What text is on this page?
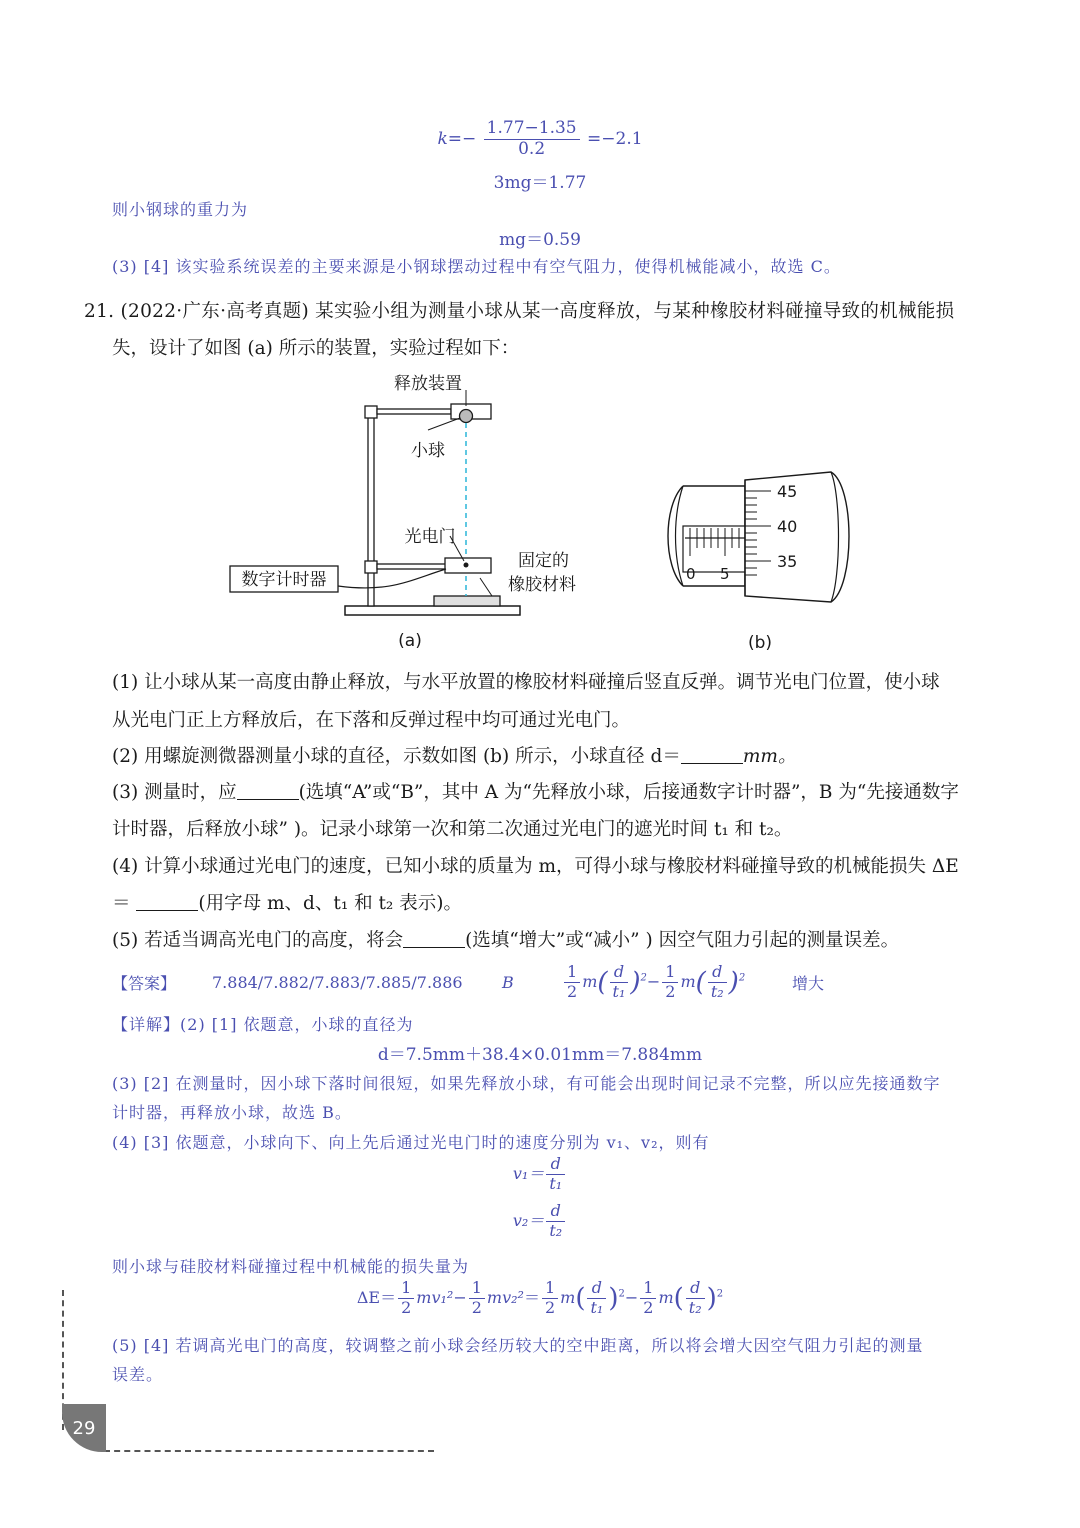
$k=- \frac{1.77-1.35}{0.2} =-2.1$
3mg＝1.77
则小钢球的重力为
mg＝0.59
(3) [4] 该实验系统误差的主要来源是小钢球摆动过程中有空气阻力，使得机械能减小，故选 C。
21. (2022·广东·高考真题) 某实验小组为测量小球从某一高度释放，与某种橡胶材料碰撞导致的机械能损
失，设计了如图 (a) 所示的装置，实验过程如下：
释放装置
小球
光电门
数字计时器
(a)
固定的
橡胶材料
45
40
35
0 5
(b)
(1) 让小球从某一高度由静止释放，与水平放置的橡胶材料碰撞后竖直反弹。调节光电门位置，使小球
从光电门正上方释放后，在下落和反弹过程中均可通过光电门。
(2) 用螺旋测微器测量小球的直径，示数如图 (b) 所示，小球直径 d＝	mm。
(3) 测量时，应	(选填“A”或“B”，其中 A 为“先释放小球，后接通数字计时器”，B 为“先接通数字
计时器，后释放小球” )。记录小球第一次和第二次通过光电门的遮光时间 t₁ 和 t₂。
(4) 计算小球通过光电门的速度，已知小球的质量为 m，可得小球与橡胶材料碰撞导致的机械能损失 ΔE
＝	(用字母 m、d、t₁ 和 t₂ 表示)。
(5) 若适当调高光电门的高度，将会	(选填“增大”或“减小” ) 因空气阻力引起的测量误差。
【答案】	7.884/7.882/7.883/7.885/7.886	B	$\frac{1}{2} m( \frac{d}{\text{t₁}} )^2- \frac{1}{2} m( \frac{d}{\text{t₂}} )^2$	增大
【详解】(2) [1] 依题意，小球的直径为
d＝7.5mm＋38.4×0.01mm＝7.884mm
(3) [2] 在测量时，因小球下落时间很短，如果先释放小球，有可能会出现时间记录不完整，所以应先接通数字
计时器，再释放小球，故选 B。
(4) [3] 依题意，小球向下、向上先后通过光电门时的速度分别为 v₁、v₂，则有
$v_1= \frac{d}{\text{t₁}}$
$v_2= \frac{d}{\text{t₂}}$
则小球与硅胶材料碰撞过程中机械能的损失量为
$\Delta E= \frac{1}{2} mv_1^2- \frac{1}{2} mv_2^2= \frac{1}{2} m( \frac{d}{\text{t₁}} )^2- \frac{1}{2} m( \frac{d}{\text{t₂}} )^2$
(5) [4] 若调高光电门的高度，较调整之前小球会经历较大的空中距离，所以将会增大因空气阻力引起的测量
误差。
29
